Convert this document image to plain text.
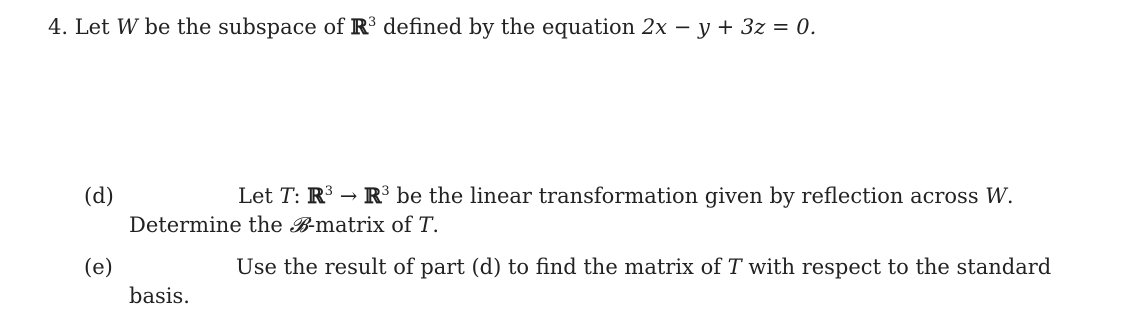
4. Let W be the subspace of ℝ$^3$ defined by the equation 2x − y + 3z = 0.
(d)	Let T: ℝ$^3$ → ℝ$^3$ be the linear transformation given by reflection across W.
Determine the 𝓑-matrix of T.
(e)	Use the result of part (d) to find the matrix of T with respect to the standard
basis.
